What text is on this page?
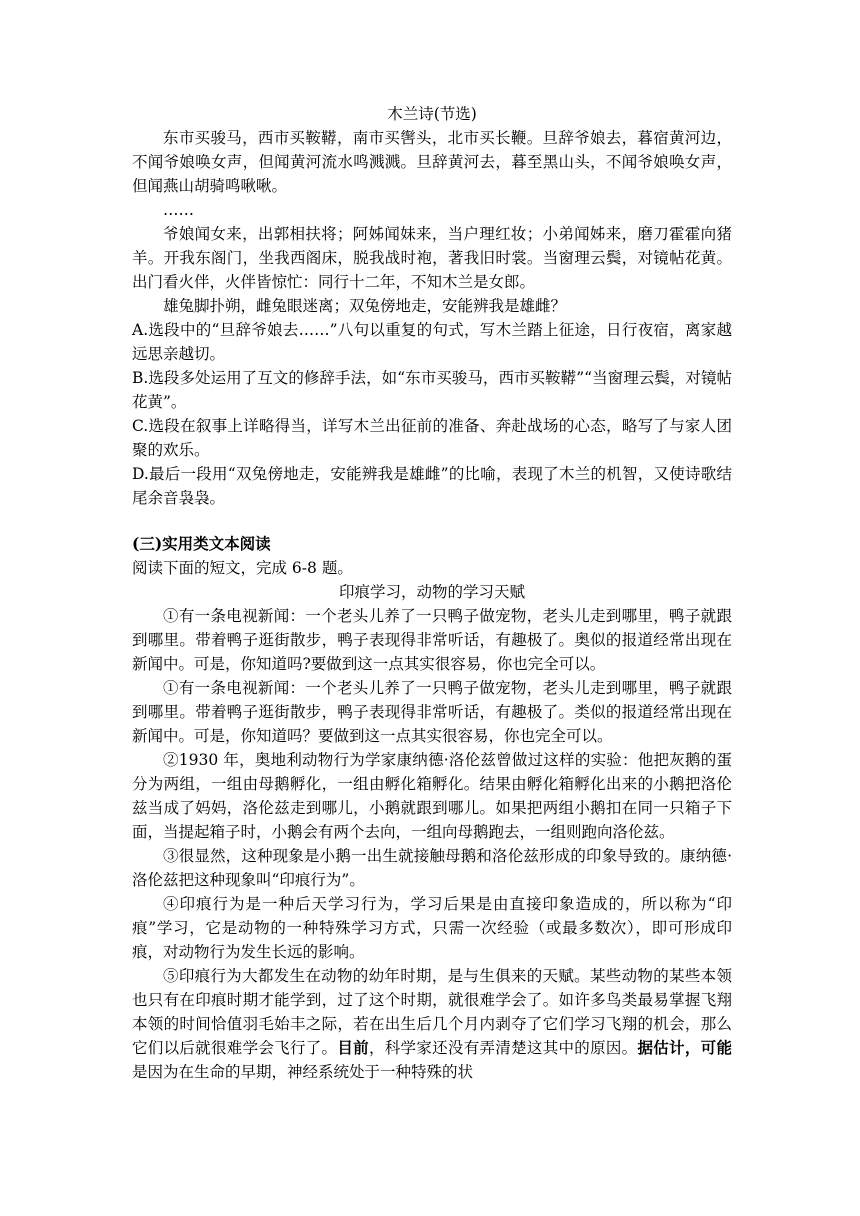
木兰诗(节选)

东市买骏马，西市买鞍鞯，南市买辔头，北市买长鞭。旦辞爷娘去，暮宿黄河边，不闻爷娘唤女声，但闻黄河流水鸣溅溅。旦辞黄河去，暮至黑山头，不闻爷娘唤女声，但闻燕山胡骑鸣啾啾。

……

爷娘闻女来，出郭相扶将；阿姊闻妹来，当户理红妆；小弟闻姊来，磨刀霍霍向猪羊。开我东阁门，坐我西阁床，脱我战时袍，著我旧时裳。当窗理云鬓，对镜帖花黄。出门看火伴，火伴皆惊忙：同行十二年，不知木兰是女郎。

雄兔脚扑朔，雌兔眼迷离；双兔傍地走，安能辨我是雄雌？

A.选段中的“旦辞爷娘去……”八句以重复的句式，写木兰踏上征途，日行夜宿，离家越远思亲越切。

B.选段多处运用了互文的修辞手法，如“东市买骏马，西市买鞍鞯”“当窗理云鬓，对镜帖花黄”。

C.选段在叙事上详略得当，详写木兰出征前的准备、奔赴战场的心态，略写了与家人团聚的欢乐。

D.最后一段用“双兔傍地走，安能辨我是雄雌”的比喻，表现了木兰的机智，又使诗歌结尾余音袅袅。

(三)实用类文本阅读

阅读下面的短文，完成 6-8 题。

印痕学习，动物的学习天赋

①有一条电视新闻：一个老头儿养了一只鸭子做宠物，老头儿走到哪里，鸭子就跟到哪里。带着鸭子逛街散步，鸭子表现得非常听话，有趣极了。奥似的报道经常出现在新闻中。可是，你知道吗?要做到这一点其实很容易，你也完全可以。

①有一条电视新闻：一个老头儿养了一只鸭子做宠物，老头儿走到哪里，鸭子就跟到哪里。带着鸭子逛街散步，鸭子表现得非常听话，有趣极了。类似的报道经常出现在新闻中。可是，你知道吗？要做到这一点其实很容易，你也完全可以。

②1930 年，奥地利动物行为学家康纳德·洛伦兹曾做过这样的实验：他把灰鹅的蛋分为两组，一组由母鹅孵化，一组由孵化箱孵化。结果由孵化箱孵化出来的小鹅把洛伦兹当成了妈妈，洛伦兹走到哪儿，小鹅就跟到哪儿。如果把两组小鹅扣在同一只箱子下面，当提起箱子时，小鹅会有两个去向，一组向母鹅跑去，一组则跑向洛伦兹。

③很显然，这种现象是小鹅一出生就接触母鹅和洛伦兹形成的印象导致的。康纳德·洛伦兹把这种现象叫“印痕行为”。

④印痕行为是一种后天学习行为，学习后果是由直接印象造成的，所以称为“印痕”学习，它是动物的一种特殊学习方式，只需一次经验（或最多数次），即可形成印痕，对动物行为发生长远的影响。

⑤印痕行为大都发生在动物的幼年时期，是与生俱来的天赋。某些动物的某些本领也只有在印痕时期才能学到，过了这个时期，就很难学会了。如许多鸟类最易掌握飞翔本领的时间恰值羽毛始丰之际，若在出生后几个月内剥夺了它们学习飞翔的机会，那么它们以后就很难学会飞行了。目前，科学家还没有弄清楚这其中的原因。据估计，可能是因为在生命的早期，神经系统处于一种特殊的状
